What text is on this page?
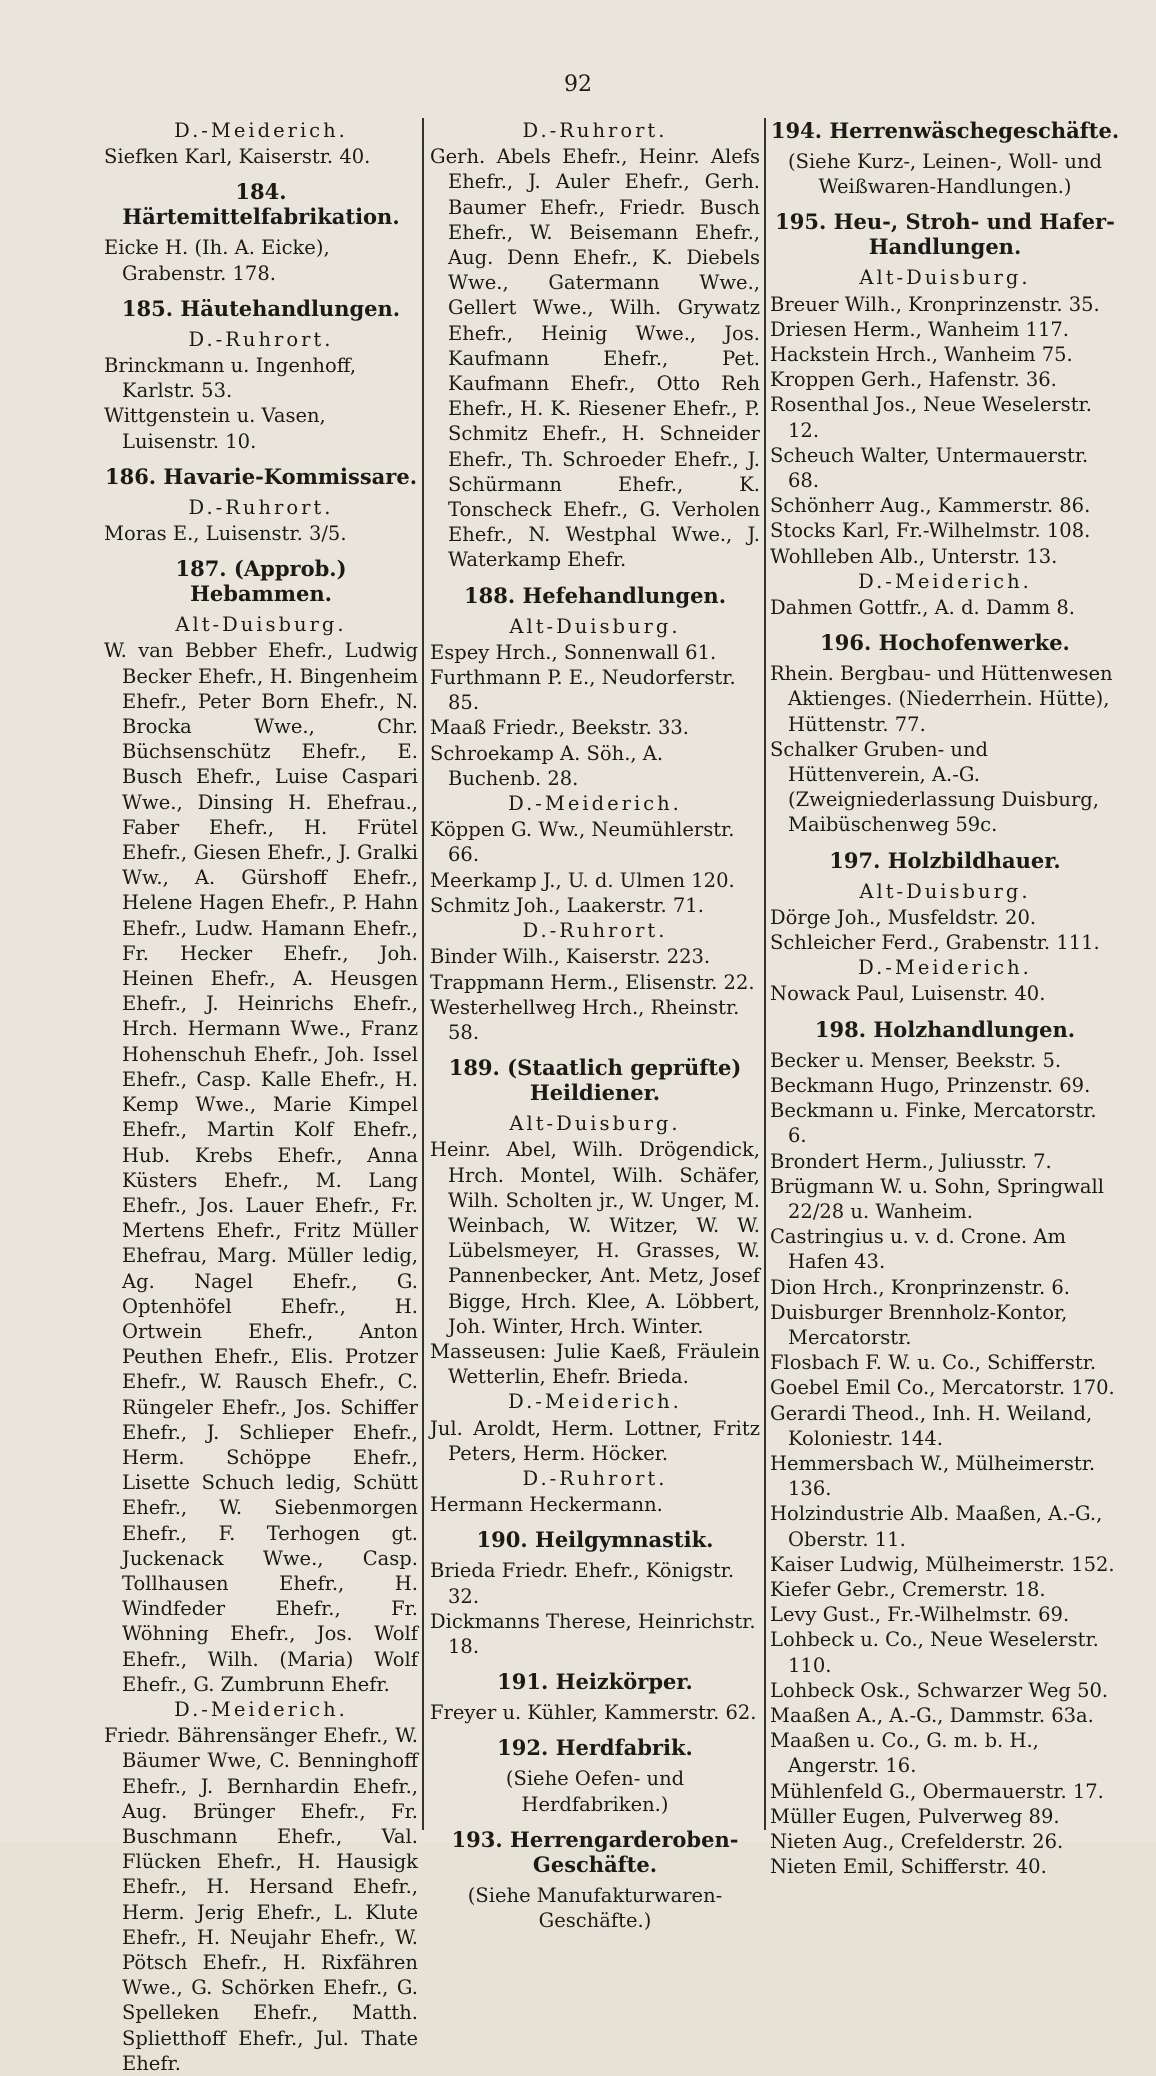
92

D.-Meiderich.

Siefken Karl, Kaiserstr. 40.

184. Härtemittelfabrikation.

Eicke H. (Ih. A. Eicke), Grabenstr. 178.

185. Häutehandlungen.

D.-Ruhrort.

Brinckmann u. Ingenhoff, Karlstr. 53.

Wittgenstein u. Vasen, Luisenstr. 10.

186. Havarie-Kommissare.

D.-Ruhrort.

Moras E., Luisenstr. 3/5.

187. (Approb.) Hebammen.

Alt-Duisburg.

W. van Bebber Ehefr., Ludwig Becker Ehefr., H. Bingenheim Ehefr., Peter Born Ehefr., N. Brocka Wwe., Chr. Büchsenschütz Ehefr., E. Busch Ehefr., Luise Caspari Wwe., Dinsing H. Ehefrau., Faber Ehefr., H. Frütel Ehefr., Giesen Ehefr., J. Gralki Ww., A. Gürshoff Ehefr., Helene Hagen Ehefr., P. Hahn Ehefr., Ludw. Hamann Ehefr., Fr. Hecker Ehefr., Joh. Heinen Ehefr., A. Heusgen Ehefr., J. Heinrichs Ehefr., Hrch. Hermann Wwe., Franz Hohenschuh Ehefr., Joh. Issel Ehefr., Casp. Kalle Ehefr., H. Kemp Wwe., Marie Kimpel Ehefr., Martin Kolf Ehefr., Hub. Krebs Ehefr., Anna Küsters Ehefr., M. Lang Ehefr., Jos. Lauer Ehefr., Fr. Mertens Ehefr., Fritz Müller Ehefrau, Marg. Müller ledig, Ag. Nagel Ehefr., G. Optenhöfel Ehefr., H. Ortwein Ehefr., Anton Peuthen Ehefr., Elis. Protzer Ehefr., W. Rausch Ehefr., C. Rüngeler Ehefr., Jos. Schiffer Ehefr., J. Schlieper Ehefr., Herm. Schöppe Ehefr., Lisette Schuch ledig, Schütt Ehefr., W. Siebenmorgen Ehefr., F. Terhogen gt. Juckenack Wwe., Casp. Tollhausen Ehefr., H. Windfeder Ehefr., Fr. Wöhning Ehefr., Jos. Wolf Ehefr., Wilh. (Maria) Wolf Ehefr., G. Zumbrunn Ehefr.

D.-Meiderich.

Friedr. Bährensänger Ehefr., W. Bäumer Wwe, C. Benninghoff Ehefr., J. Bernhardin Ehefr., Aug. Brünger Ehefr., Fr. Buschmann Ehefr., Val. Flücken Ehefr., H. Hausigk Ehefr., H. Hersand Ehefr., Herm. Jerig Ehefr., L. Klute Ehefr., H. Neujahr Ehefr., W. Pötsch Ehefr., H. Rixfähren Wwe., G. Schörken Ehefr., G. Spelleken Ehefr., Matth. Splietthoff Ehefr., Jul. Thate Ehefr.

D.-Ruhrort.

Gerh. Abels Ehefr., Heinr. Alefs Ehefr., J. Auler Ehefr., Gerh. Baumer Ehefr., Friedr. Busch Ehefr., W. Beisemann Ehefr., Aug. Denn Ehefr., K. Diebels Wwe., Gatermann Wwe., Gellert Wwe., Wilh. Grywatz Ehefr., Heinig Wwe., Jos. Kaufmann Ehefr., Pet. Kaufmann Ehefr., Otto Reh Ehefr., H. K. Riesener Ehefr., P. Schmitz Ehefr., H. Schneider Ehefr., Th. Schroeder Ehefr., J. Schürmann Ehefr., K. Tonscheck Ehefr., G. Verholen Ehefr., N. Westphal Wwe., J. Waterkamp Ehefr.

188. Hefehandlungen.

Alt-Duisburg.

Espey Hrch., Sonnenwall 61.

Furthmann P. E., Neudorferstr. 85.

Maaß Friedr., Beekstr. 33.

Schroekamp A. Söh., A. Buchenb. 28.

D.-Meiderich.

Köppen G. Ww., Neumühlerstr. 66.

Meerkamp J., U. d. Ulmen 120.

Schmitz Joh., Laakerstr. 71.

D.-Ruhrort.

Binder Wilh., Kaiserstr. 223.

Trappmann Herm., Elisenstr. 22.

Westerhellweg Hrch., Rheinstr. 58.

189. (Staatlich geprüfte) Heildiener.

Alt-Duisburg.

Heinr. Abel, Wilh. Drögendick, Hrch. Montel, Wilh. Schäfer, Wilh. Scholten jr., W. Unger, M. Weinbach, W. Witzer, W. W. Lübelsmeyer, H. Grasses, W. Pannenbecker, Ant. Metz, Josef Bigge, Hrch. Klee, A. Löbbert, Joh. Winter, Hrch. Winter.

Masseusen: Julie Kaeß, Fräulein Wetterlin, Ehefr. Brieda.

D.-Meiderich.

Jul. Aroldt, Herm. Lottner, Fritz Peters, Herm. Höcker.

D.-Ruhrort.

Hermann Heckermann.

190. Heilgymnastik.

Brieda Friedr. Ehefr., Königstr. 32.

Dickmanns Therese, Heinrichstr. 18.

191. Heizkörper.

Freyer u. Kühler, Kammerstr. 62.

192. Herdfabrik.

(Siehe Oefen- und Herdfabriken.)

193. Herrengarderoben-Geschäfte.

(Siehe Manufakturwaren-Geschäfte.)

194. Herrenwäschegeschäfte.

(Siehe Kurz-, Leinen-, Woll- und Weißwaren-Handlungen.)

195. Heu-, Stroh- und Hafer-Handlungen.

Alt-Duisburg.

Breuer Wilh., Kronprinzenstr. 35.

Driesen Herm., Wanheim 117.

Hackstein Hrch., Wanheim 75.

Kroppen Gerh., Hafenstr. 36.

Rosenthal Jos., Neue Weselerstr. 12.

Scheuch Walter, Untermauerstr. 68.

Schönherr Aug., Kammerstr. 86.

Stocks Karl, Fr.-Wilhelmstr. 108.

Wohlleben Alb., Unterstr. 13.

D.-Meiderich.

Dahmen Gottfr., A. d. Damm 8.

196. Hochofenwerke.

Rhein. Bergbau- und Hüttenwesen Aktienges. (Niederrhein. Hütte), Hüttenstr. 77.

Schalker Gruben- und Hüttenverein, A.-G. (Zweigniederlassung Duisburg, Maibüschenweg 59c.

197. Holzbildhauer.

Alt-Duisburg.

Dörge Joh., Musfeldstr. 20.

Schleicher Ferd., Grabenstr. 111.

D.-Meiderich.

Nowack Paul, Luisenstr. 40.

198. Holzhandlungen.

Becker u. Menser, Beekstr. 5.

Beckmann Hugo, Prinzenstr. 69.

Beckmann u. Finke, Mercatorstr. 6.

Brondert Herm., Juliusstr. 7.

Brügmann W. u. Sohn, Springwall 22/28 u. Wanheim.

Castringius u. v. d. Crone. Am Hafen 43.

Dion Hrch., Kronprinzenstr. 6.

Duisburger Brennholz-Kontor, Mercatorstr.

Flosbach F. W. u. Co., Schifferstr.

Goebel Emil Co., Mercatorstr. 170.

Gerardi Theod., Inh. H. Weiland, Koloniestr. 144.

Hemmersbach W., Mülheimerstr. 136.

Holzindustrie Alb. Maaßen, A.-G., Oberstr. 11.

Kaiser Ludwig, Mülheimerstr. 152.

Kiefer Gebr., Cremerstr. 18.

Levy Gust., Fr.-Wilhelmstr. 69.

Lohbeck u. Co., Neue Weselerstr. 110.

Lohbeck Osk., Schwarzer Weg 50.

Maaßen A., A.-G., Dammstr. 63a.

Maaßen u. Co., G. m. b. H., Angerstr. 16.

Mühlenfeld G., Obermauerstr. 17.

Müller Eugen, Pulverweg 89.

Nieten Aug., Crefelderstr. 26.

Nieten Emil, Schifferstr. 40.
